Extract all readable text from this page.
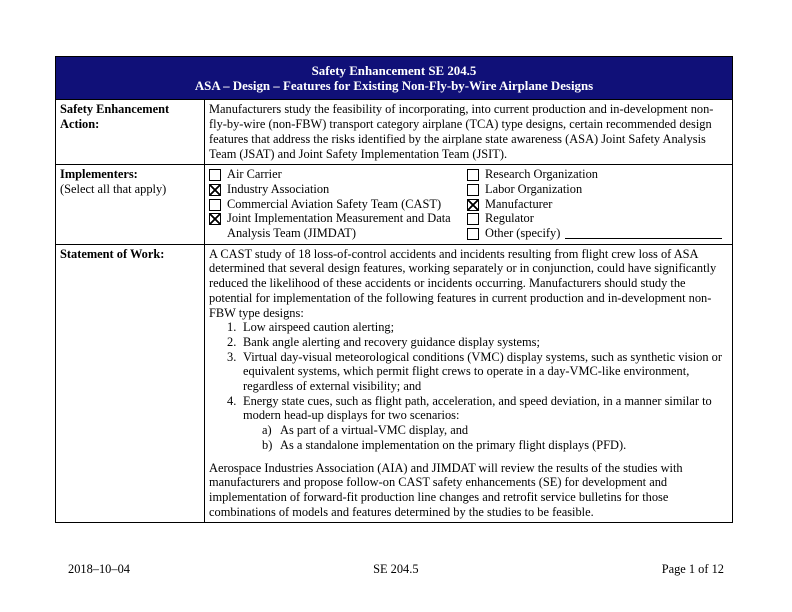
Safety Enhancement SE 204.5
ASA – Design – Features for Existing Non-Fly-by-Wire Airplane Designs
Safety Enhancement Action:

Manufacturers study the feasibility of incorporating, into current production and in-development non-fly-by-wire (non-FBW) transport category airplane (TCA) type designs, certain recommended design features that address the risks identified by the airplane state awareness (ASA) Joint Safety Analysis Team (JSAT) and Joint Safety Implementation Team (JSIT).

Implementers:
(Select all that apply)
Air Carrier
Industry Association
Commercial Aviation Safety Team (CAST)
Joint Implementation Measurement and Data Analysis Team (JIMDAT)
Research Organization
Labor Organization
Manufacturer
Regulator
Other (specify)
Statement of Work:	A CAST study of 18 loss-of-control accidents and incidents resulting from flight crew loss of ASA determined that several design features, working separately or in conjunction, could have significantly reduced the likelihood of these accidents or incidents occurring. Manufacturers should study the potential for implementation of the following features in current production and in-development non-FBW type designs:

1. Low airspeed caution alerting;
2. Bank angle alerting and recovery guidance display systems;
3. Virtual day-visual meteorological conditions (VMC) display systems, such as synthetic vision or equivalent systems, which permit flight crews to operate in a day-VMC-like environment, regardless of external visibility; and
4. Energy state cues, such as flight path, acceleration, and speed deviation, in a manner similar to modern head-up displays for two scenarios:
a) As part of a virtual-VMC display, and
b) As a standalone implementation on the primary flight displays (PFD).

Aerospace Industries Association (AIA) and JIMDAT will review the results of the studies with manufacturers and propose follow-on CAST safety enhancements (SE) for development and implementation of forward-fit production line changes and retrofit service bulletins for those combinations of models and features determined by the studies to be feasible.

2018–10–04	SE 204.5	Page 1 of 12
